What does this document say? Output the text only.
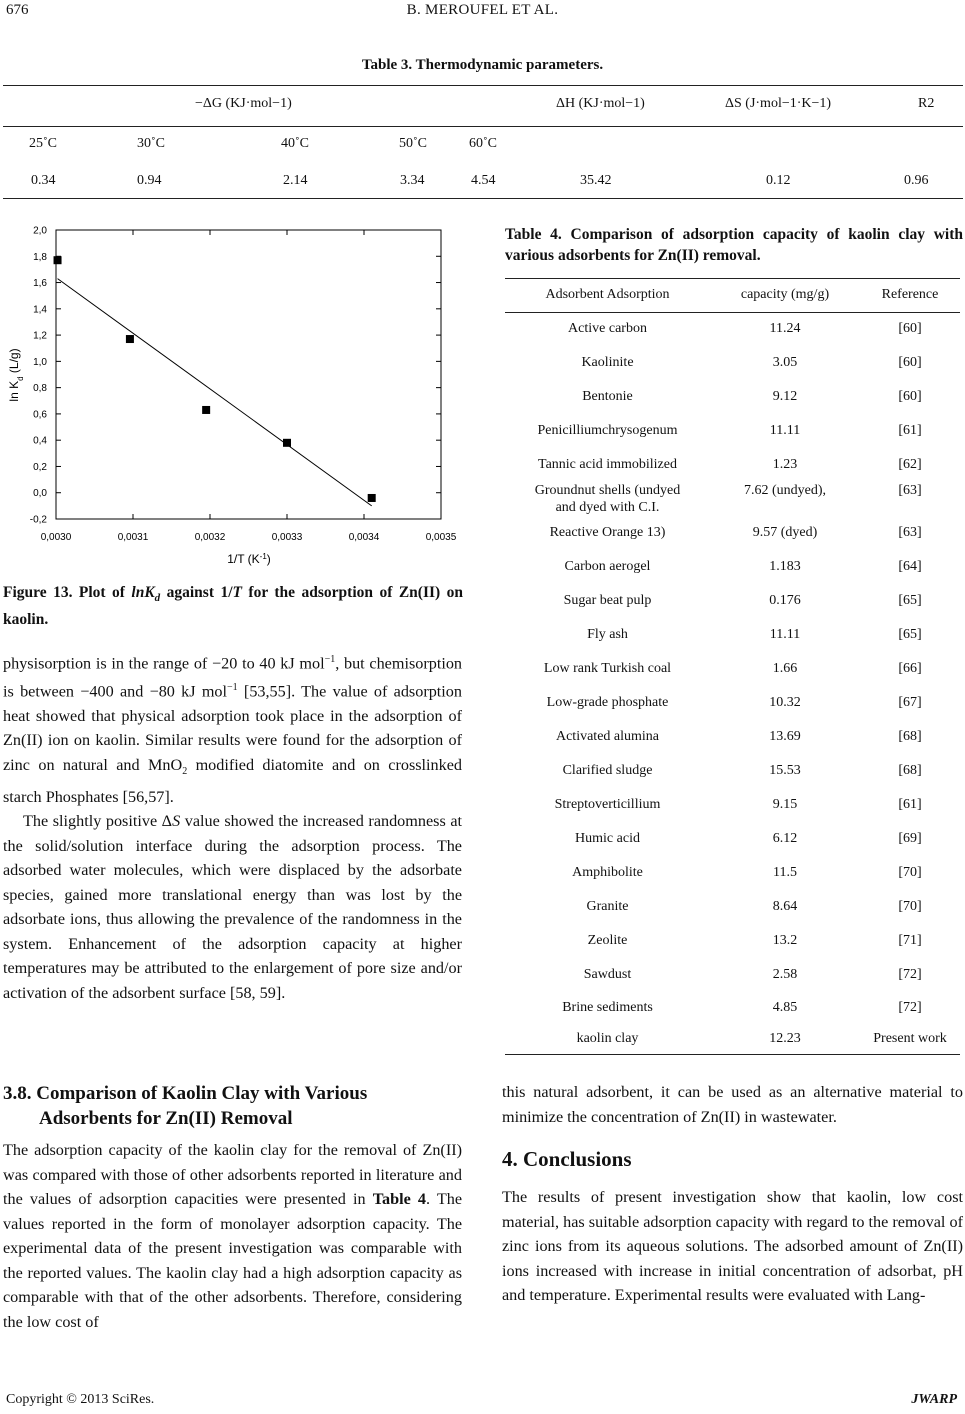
676	B. MEROUFEL ET AL.
Table 3. Thermodynamic parameters.
−ΔG (KJ·mol−1)	ΔH (KJ·mol−1)	ΔS (J·mol−1·K−1)	R2
25˚C	30˚C	40˚C	50˚C	60˚C
0.34	0.94	2.14	3.34	4.54	35.42	0.12	0.96
0,0030	0,0031	0,0032	0,0033	0,0034	0,0035
-0,2
0,0
0,2
0,4
0,6
0,8
1,0
1,2
1,4
1,6
1,8
2,0
$\ln K_d$ (L/g)
1/T $(K^{-1})$
Figure 13. Plot of lnK$_d$ against 1/T for the adsorption of Zn(II) on kaolin.

physisorption is in the range of −20 to 40 kJ mol$^{-1}$, but chemisorption is between −400 and −80 kJ mol$^{-1}$ [53,55]. The value of adsorption heat showed that physical adsorption took place in the adsorption of Zn(II) ion on kaolin. Similar results were found for the adsorption of zinc on natural and MnO$_2$ modified diatomite and on crosslinked starch Phosphates [56,57].

The slightly positive ΔS value showed the increased randomness at the solid/solution interface during the adsorption process. The adsorbed water molecules, which were displaced by the adsorbate species, gained more translational energy than was lost by the adsorbate ions, thus allowing the prevalence of the randomness in the system. Enhancement of the adsorption capacity at higher temperatures may be attributed to the enlargement of pore size and/or activation of the adsorbent surface [58, 59].

3.8. Comparison of Kaolin Clay with Various
Adsorbents for Zn(II) Removal

The adsorption capacity of the kaolin clay for the removal of Zn(II) was compared with those of other adsorbents reported in literature and the values of adsorption capacities were presented in Table 4. The values reported in the form of monolayer adsorption capacity. The experimental data of the present investigation was comparable with the reported values. The kaolin clay had a high adsorption capacity as comparable with that of the other adsorbents. Therefore, considering the low cost of

Table 4. Comparison of adsorption capacity of kaolin clay with various adsorbents for Zn(II) removal.
Adsorbent Adsorption	capacity (mg/g)	Reference
Active carbon	11.24	[60]
Kaolinite	3.05	[60]
Bentonie	9.12	[60]
Penicilliumchrysogenum	11.11	[61]
Tannic acid immobilized	1.23	[62]
Groundnut shells (undyed	7.62 (undyed),	[63]
and dyed with C.I.
Reactive Orange 13)	9.57 (dyed)	[63]
Carbon aerogel	1.183	[64]
Sugar beat pulp	0.176	[65]
Fly ash	11.11	[65]
Low rank Turkish coal	1.66	[66]
Low-grade phosphate	10.32	[67]
Activated alumina	13.69	[68]
Clarified sludge	15.53	[68]
Streptoverticillium	9.15	[61]
Humic acid	6.12	[69]
Amphibolite	11.5	[70]
Granite	8.64	[70]
Zeolite	13.2	[71]
Sawdust	2.58	[72]
Brine sediments	4.85	[72]
kaolin clay	12.23	Present work

this natural adsorbent, it can be used as an alternative material to minimize the concentration of Zn(II) in wastewater.

4. Conclusions

The results of present investigation show that kaolin, low cost material, has suitable adsorption capacity with regard to the removal of zinc ions from its aqueous solutions. The adsorbed amount of Zn(II) ions increased with increase in initial concentration of adsorbat, pH and temperature. Experimental results were evaluated with Lang-

Copyright © 2013 SciRes.	JWARP
